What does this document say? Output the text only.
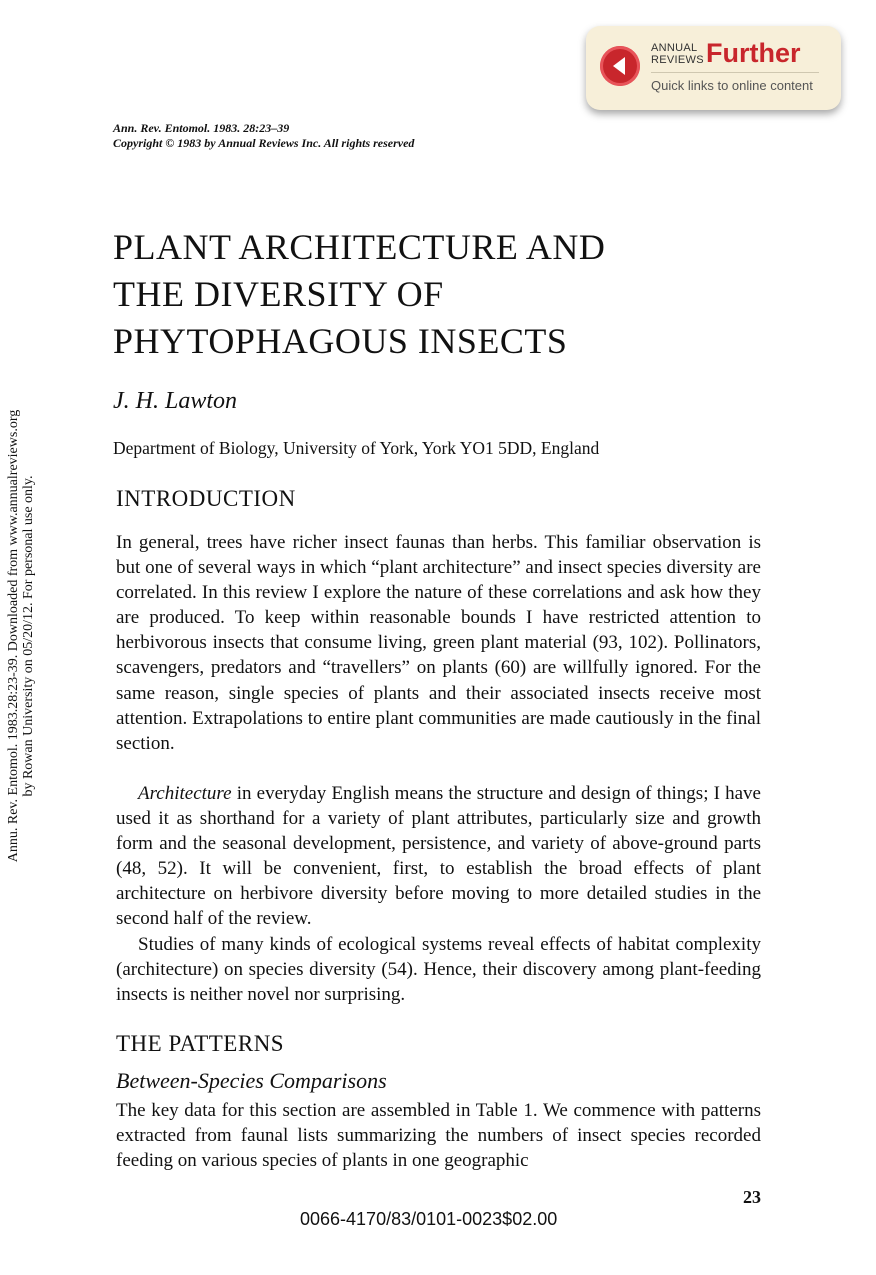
ANNUAL
REVIEWS Further
Quick links to online content
Ann. Rev. Entomol. 1983. 28:23–39
Copyright © 1983 by Annual Reviews Inc. All rights reserved
Annu. Rev. Entomol. 1983.28:23-39. Downloaded from www.annualreviews.org by Rowan University on 05/20/12. For personal use only.
PLANT ARCHITECTURE AND
THE DIVERSITY OF
PHYTOPHAGOUS INSECTS
J. H. Lawton
Department of Biology, University of York, York YO1 5DD, England
INTRODUCTION
In general, trees have richer insect faunas than herbs. This familiar observation is but one of several ways in which “plant architecture” and insect species diversity are correlated. In this review I explore the nature of these correlations and ask how they are produced. To keep within reasonable bounds I have restricted attention to herbivorous insects that consume living, green plant material (93, 102). Pollinators, scavengers, predators and “travellers” on plants (60) are willfully ignored. For the same reason, single species of plants and their associated insects receive most attention. Extrapolations to entire plant communities are made cautiously in the final section.
Architecture in everyday English means the structure and design of things; I have used it as shorthand for a variety of plant attributes, particularly size and growth form and the seasonal development, persistence, and variety of above-ground parts (48, 52). It will be convenient, first, to establish the broad effects of plant architecture on herbivore diversity before moving to more detailed studies in the second half of the review.
Studies of many kinds of ecological systems reveal effects of habitat complexity (architecture) on species diversity (54). Hence, their discovery among plant-feeding insects is neither novel nor surprising.
THE PATTERNS
Between-Species Comparisons
The key data for this section are assembled in Table 1. We commence with patterns extracted from faunal lists summarizing the numbers of insect species recorded feeding on various species of plants in one geographic
23
0066-4170/83/0101-0023$02.00
